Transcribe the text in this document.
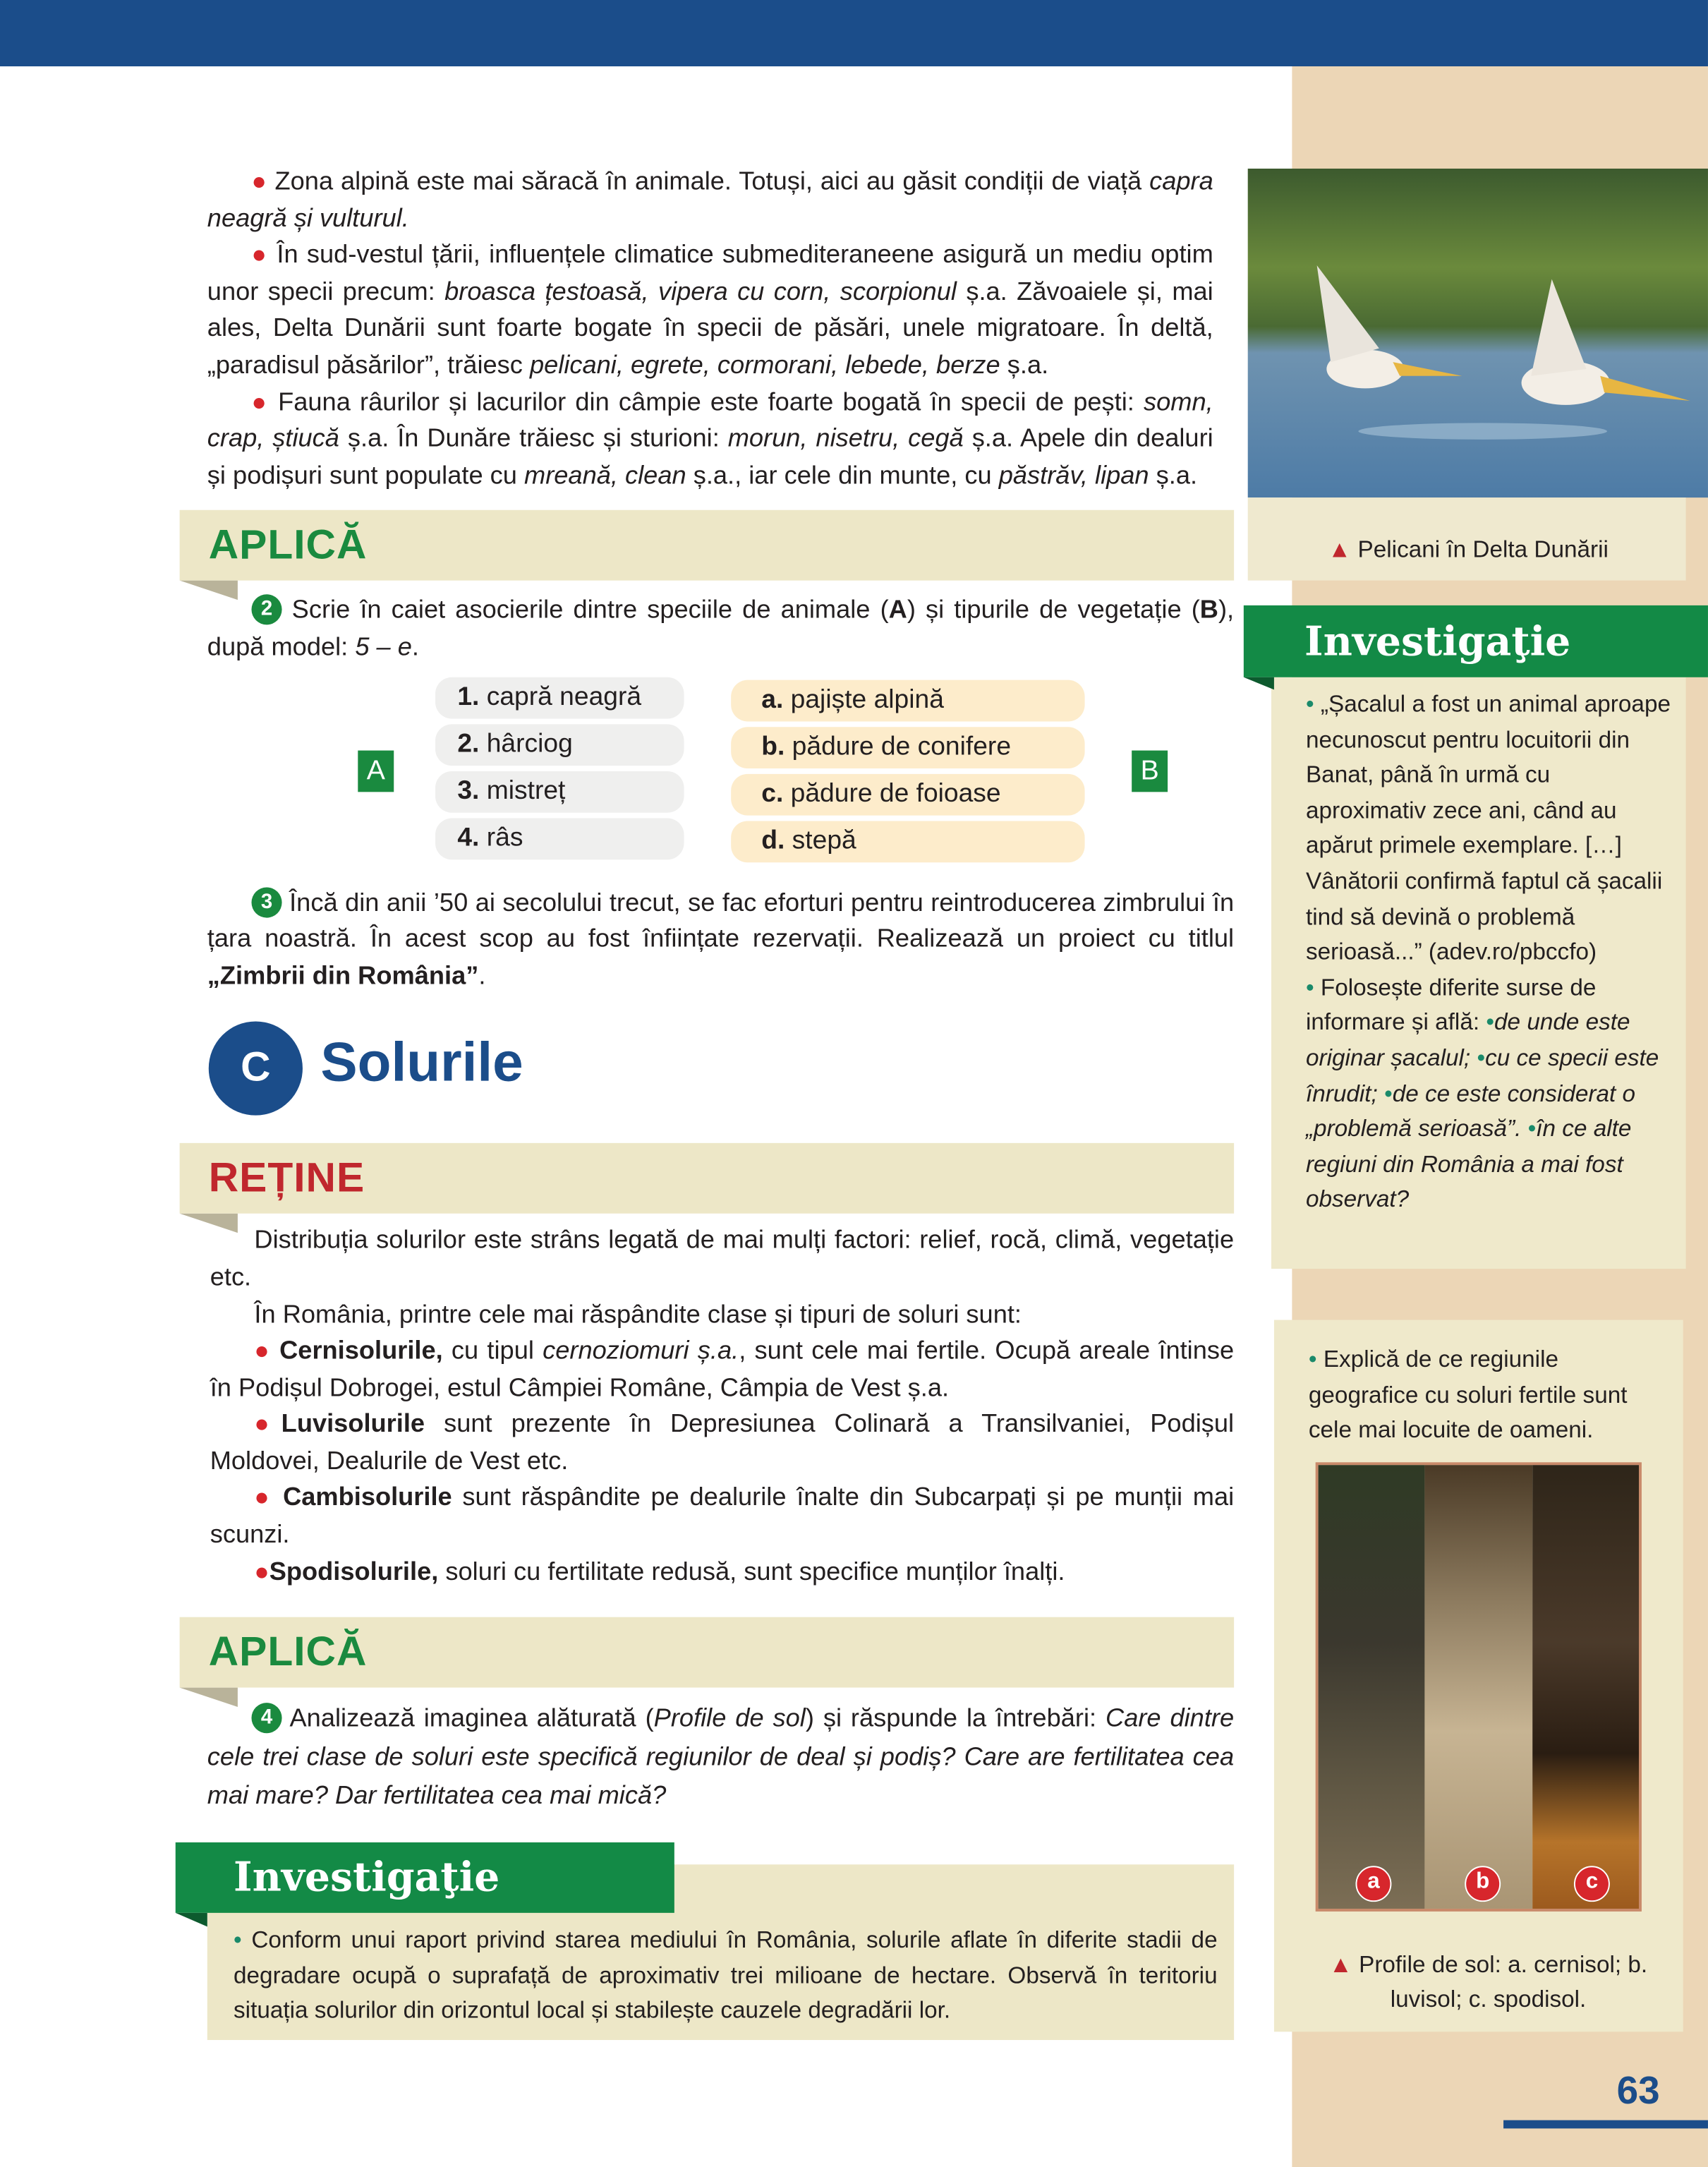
● Zona alpină este mai săracă în animale. Totuși, aici au găsit condiții de viață capra neagră și vulturul.

● În sud-vestul țării, influențele climatice submediteraneene asigură un mediu optim unor specii precum: broasca țestoasă, vipera cu corn, scorpionul ș.a. Zăvoaiele și, mai ales, Delta Dunării sunt foarte bogate în specii de păsări, unele migratoare. În deltă, „paradisul păsărilor”, trăiesc pelicani, egrete, cormorani, lebede, berze ș.a.

● Fauna râurilor și lacurilor din câmpie este foarte bogată în specii de pești: somn, crap, știucă ș.a. În Dunăre trăiesc și sturioni: morun, nisetru, cegă ș.a. Apele din dealuri și podișuri sunt populate cu mreană, clean ș.a., iar cele din munte, cu păstrăv, lipan ș.a.

APLICĂ

2 Scrie în caiet asocierile dintre speciile de animale (A) și tipurile de vegetație (B), după model: 5 – e.

A	B
1. capră neagră
2. hârciog
3. mistreț
4. râs
a. pajiște alpină
b. pădure de conifere
c. pădure de foioase
d. stepă

3 Încă din anii ’50 ai secolului trecut, se fac eforturi pentru reintroducerea zimbrului în țara noastră. În acest scop au fost înființate rezervații. Realizează un proiect cu titlul „Zimbrii din România”.

C	Solurile
REȚINE

Distribuția solurilor este strâns legată de mai mulți factori: relief, rocă, climă, vegetație etc.

În România, printre cele mai răspândite clase și tipuri de soluri sunt:

● Cernisolurile, cu tipul cernoziomuri ș.a., sunt cele mai fertile. Ocupă areale întinse în Podișul Dobrogei, estul Câmpiei Române, Câmpia de Vest ș.a.

●Luvisolurile sunt prezente în Depresiunea Colinară a Transilvaniei, Podișul Moldovei, Dealurile de Vest etc.

● Cambisolurile sunt răspândite pe dealurile înalte din Subcarpați și pe munții mai scunzi.

●Spodisolurile, soluri cu fertilitate redusă, sunt specifice munților înalți.

APLICĂ

4 Analizează imaginea alăturată (Profile de sol) și răspunde la întrebări: Care dintre cele trei clase de soluri este specifică regiunilor de deal și podiș? Care are fertilitatea cea mai mare? Dar fertilitatea cea mai mică?

Investigaţie
• Conform unui raport privind starea mediului în România, solurile aflate în diferite stadii de degradare ocupă o suprafață de aproximativ trei milioane de hectare. Observă în teritoriu situația solurilor din orizontul local și stabilește cauzele degradării lor.
▲ Pelicani în Delta Dunării
Investigaţie
• „Șacalul a fost un animal aproape necunoscut pentru locuitorii din Banat, până în urmă cu aproximativ zece ani, când au apărut primele exemplare. […] Vânătorii confirmă faptul că șacalii tind să devină o problemă serioasă...” (adev.ro/pbccfo)
• Folosește diferite surse de informare și află: •de unde este originar șacalul; •cu ce specii este înrudit; •de ce este considerat o „problemă serioasă”. •în ce alte regiuni din România a mai fost observat?
• Explică de ce regiunile geografice cu soluri fertile sunt cele mai locuite de oameni.
a	b	c
▲ Profile de sol: a. cernisol; b. luvisol; c. spodisol.
63
